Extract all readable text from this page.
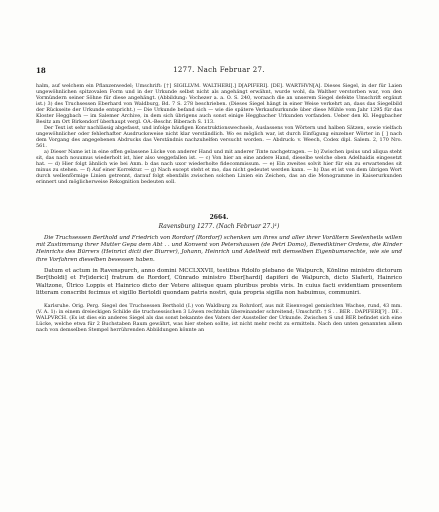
18	1277. Nach Februar 27.

halm, auf welchem ein Pflanzenwedel; Umschrift: [†] SIGILLVM. WALTHERI[.] D[APIFERI]. [DE]. WARTHVN[A]. Dieses Siegel, in der für Laien ungewöhnlichen spitzovalen Form und in der Urkunde selbst nicht als angehängt erwähnt, wurde wohl, da Walther verstorben war, von den Vormündern seiner Söhne für diese angehängt. (Abbildung: Vochezer a. a. O. S. 240, woraach die an unserem Siegel defekte Umschrift ergänzt ist.) 3) des Truchsessen Eberhard von Waldburg, Bd. 7 S. 278 beschrieben. (Dieses Siegel hängt in einer Weise verkehrt an, dass das Siegelbild der Rückseite der Urkunde entspricht.) — Die Urkunde befand sich — wie die spätere Verkaufsurkunde über diese Mühle vom Jahr 1295 für das Kloster Heggbach — im Salemer Archive, in dem sich übrigens auch sonst einige Heggbacher Urkunden vorfanden. Ueber den Kl. Heggbacher Besitz am Ort Birkendorf überhaupt vergl. OA.-Beschr. Biberach S. 113.

Der Text ist sehr nachlässig abgefasst, und infolge häufigen Konstruktionswechsels, Auslassens von Wörtern und halben Sätzen, sowie vielfach ungewöhnlicher oder fehlerhafter Ausdrucksweise nicht klar verständlich. Wo es möglich war, ist durch Einfügung einzelner Wörter in [ ] nach dem Vorgang des angegebenen Abdrucks das Verständnis nachzuhelfen versucht worden. — Abdruck: v. Weech, Codex dipl. Salem. 2, 170 Nro. 561.

a) Dieser Name ist in eine offen gelassene Lücke von anderer Hand und mit anderer Tinte nachgetragen. — b) Zwischen ipsius und aliqua steht sit, das nach nouumus wiederholt ist, hier also weggefallen ist. — c) Von hier an eine andere Hand, dieselbe welche oben Adelhaidis eingesetzt hat. — d) Hier folgt ähnlich wie bei Anm. b das nach uxor wiederholte fidecommissum. — e) Ein zweites solvit hier für ein zu erwartendes sit minus zu stehen. — f) Auf einer Korrektur. — g) Nach except steht et mo, das nicht gedeutet werden kann. — h) Das et ist von dem übrigen Wort durch wellenförmige Linien getrennt, darauf folgt ebenfalls zwischen solchen Linien ein Zeichen, das an die Monogramme in Kaiserurkunden erinnert und möglicherweise Rekognition bedeuten soll.

2664.

Ravensburg 1277. (Nach Februar 27.)¹)

Die Truchsessen Berthold und Friedrich von Rordorf (Rordorf) schenken um ihres und aller ihrer Vorältern Seelenheils willen mit Zustimmung ihrer Mutter Gepa dem Abt . . und Konvent von Petershausen (de Petri Domo), Benediktiner Ordens, die Kinder Heinrichs des Bürrers (Heinrici dicti der Biurrer), Johann, Heinrich und Adelheid mit demselben Eigenbumsrechte, wie sie und ihre Vorfahren dieselben besessen haben.

Datum et actum in Ravenspurch, anno domini MCCLXXVII, testibus Rdolfo plebano de Walpurch, Kōnlino ministro dictorum Ber[tholdi] et Fr[iderici] fratrum de Rordorf, Cūnrado ministro Eber[hardi] dapiferi de Walpurch, dicto Slaferli, Hainrico Waltzone, Ūlrico Loppis et Hainrico dicto der Vetere aliisque quam pluribus probis viris. In cuius facti evidentiam presentem litteram conscribi fecimus et sigillo Bertoldi quondam patris nostri, quia propria sigilla non habuimus, communiri.

Karlsruhe. Orig. Perg. Siegel des Truchsessen Berthold (I.) von Waldburg zu Rohrdorf, aus mit Eisenvogel gemischten Wachse, rund, 43 mm. (V. A. 1): in einem dreieckigen Schilde die truchsessischen 3 Löwen rechtshin übereinander schreitend; Umschrift: † S . . BER . DAPIFERI[?] . DE . WALPVRCH. (Es ist dies ein anderes Siegel als das sonst bekannte des Vaters der Aussteller der Urkunde. Zwischen S und BER befindet sich eine Lücke, welche etwa für 2 Buchstaben Raum gewährt, was hier stehen sollte, ist nicht mehr recht zu ermitteln. Nach den unten genannten allem nach von demselben Stempel herrührenden Abbildungen könnte an
